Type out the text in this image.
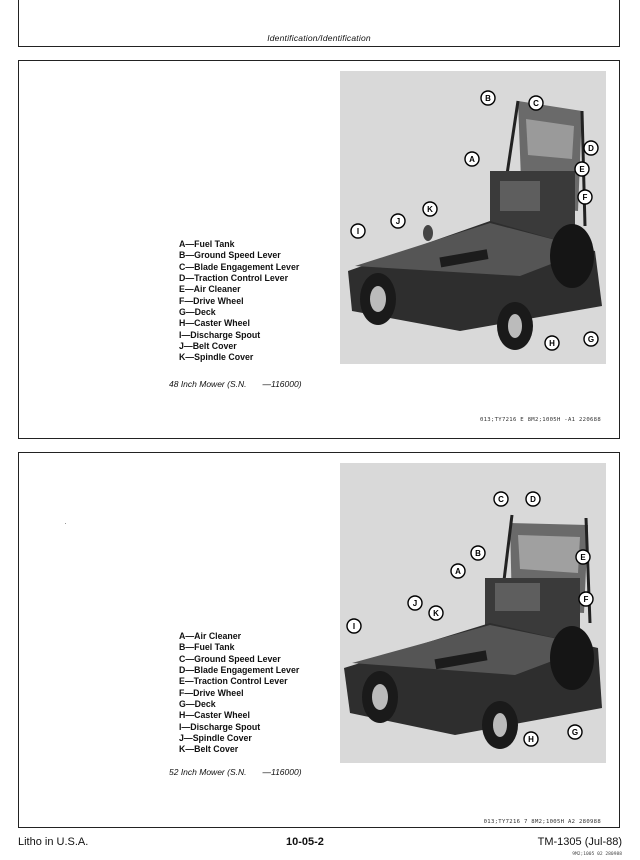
Identification/Identification
A—Fuel Tank
B—Ground Speed Lever
C—Blade Engagement Lever
D—Traction Control Lever
E—Air Cleaner
F—Drive Wheel
G—Deck
H—Caster Wheel
I—Discharge Spout
J—Belt Cover
K—Spindle Cover
48 Inch Mower (S.N. —116000)
013;TY7216 E 8M2;1005H -A1 220688
B
C
D
A
E
F
K
J
I
H	G
A—Air Cleaner
B—Fuel Tank
C—Ground Speed Lever
D—Blade Engagement Lever
E—Traction Control Lever
F—Drive Wheel
G—Deck
H—Caster Wheel
I—Discharge Spout
J—Spindle Cover
K—Belt Cover
52 Inch Mower (S.N. —116000)
013;TY7216 7 8M2;1005H A2 280988
C	D
B
A
E
F
J
K
I
H
G
Litho in U.S.A.	10-05-2	TM-1305 (Jul-88)
9M2;1005 02 280988
